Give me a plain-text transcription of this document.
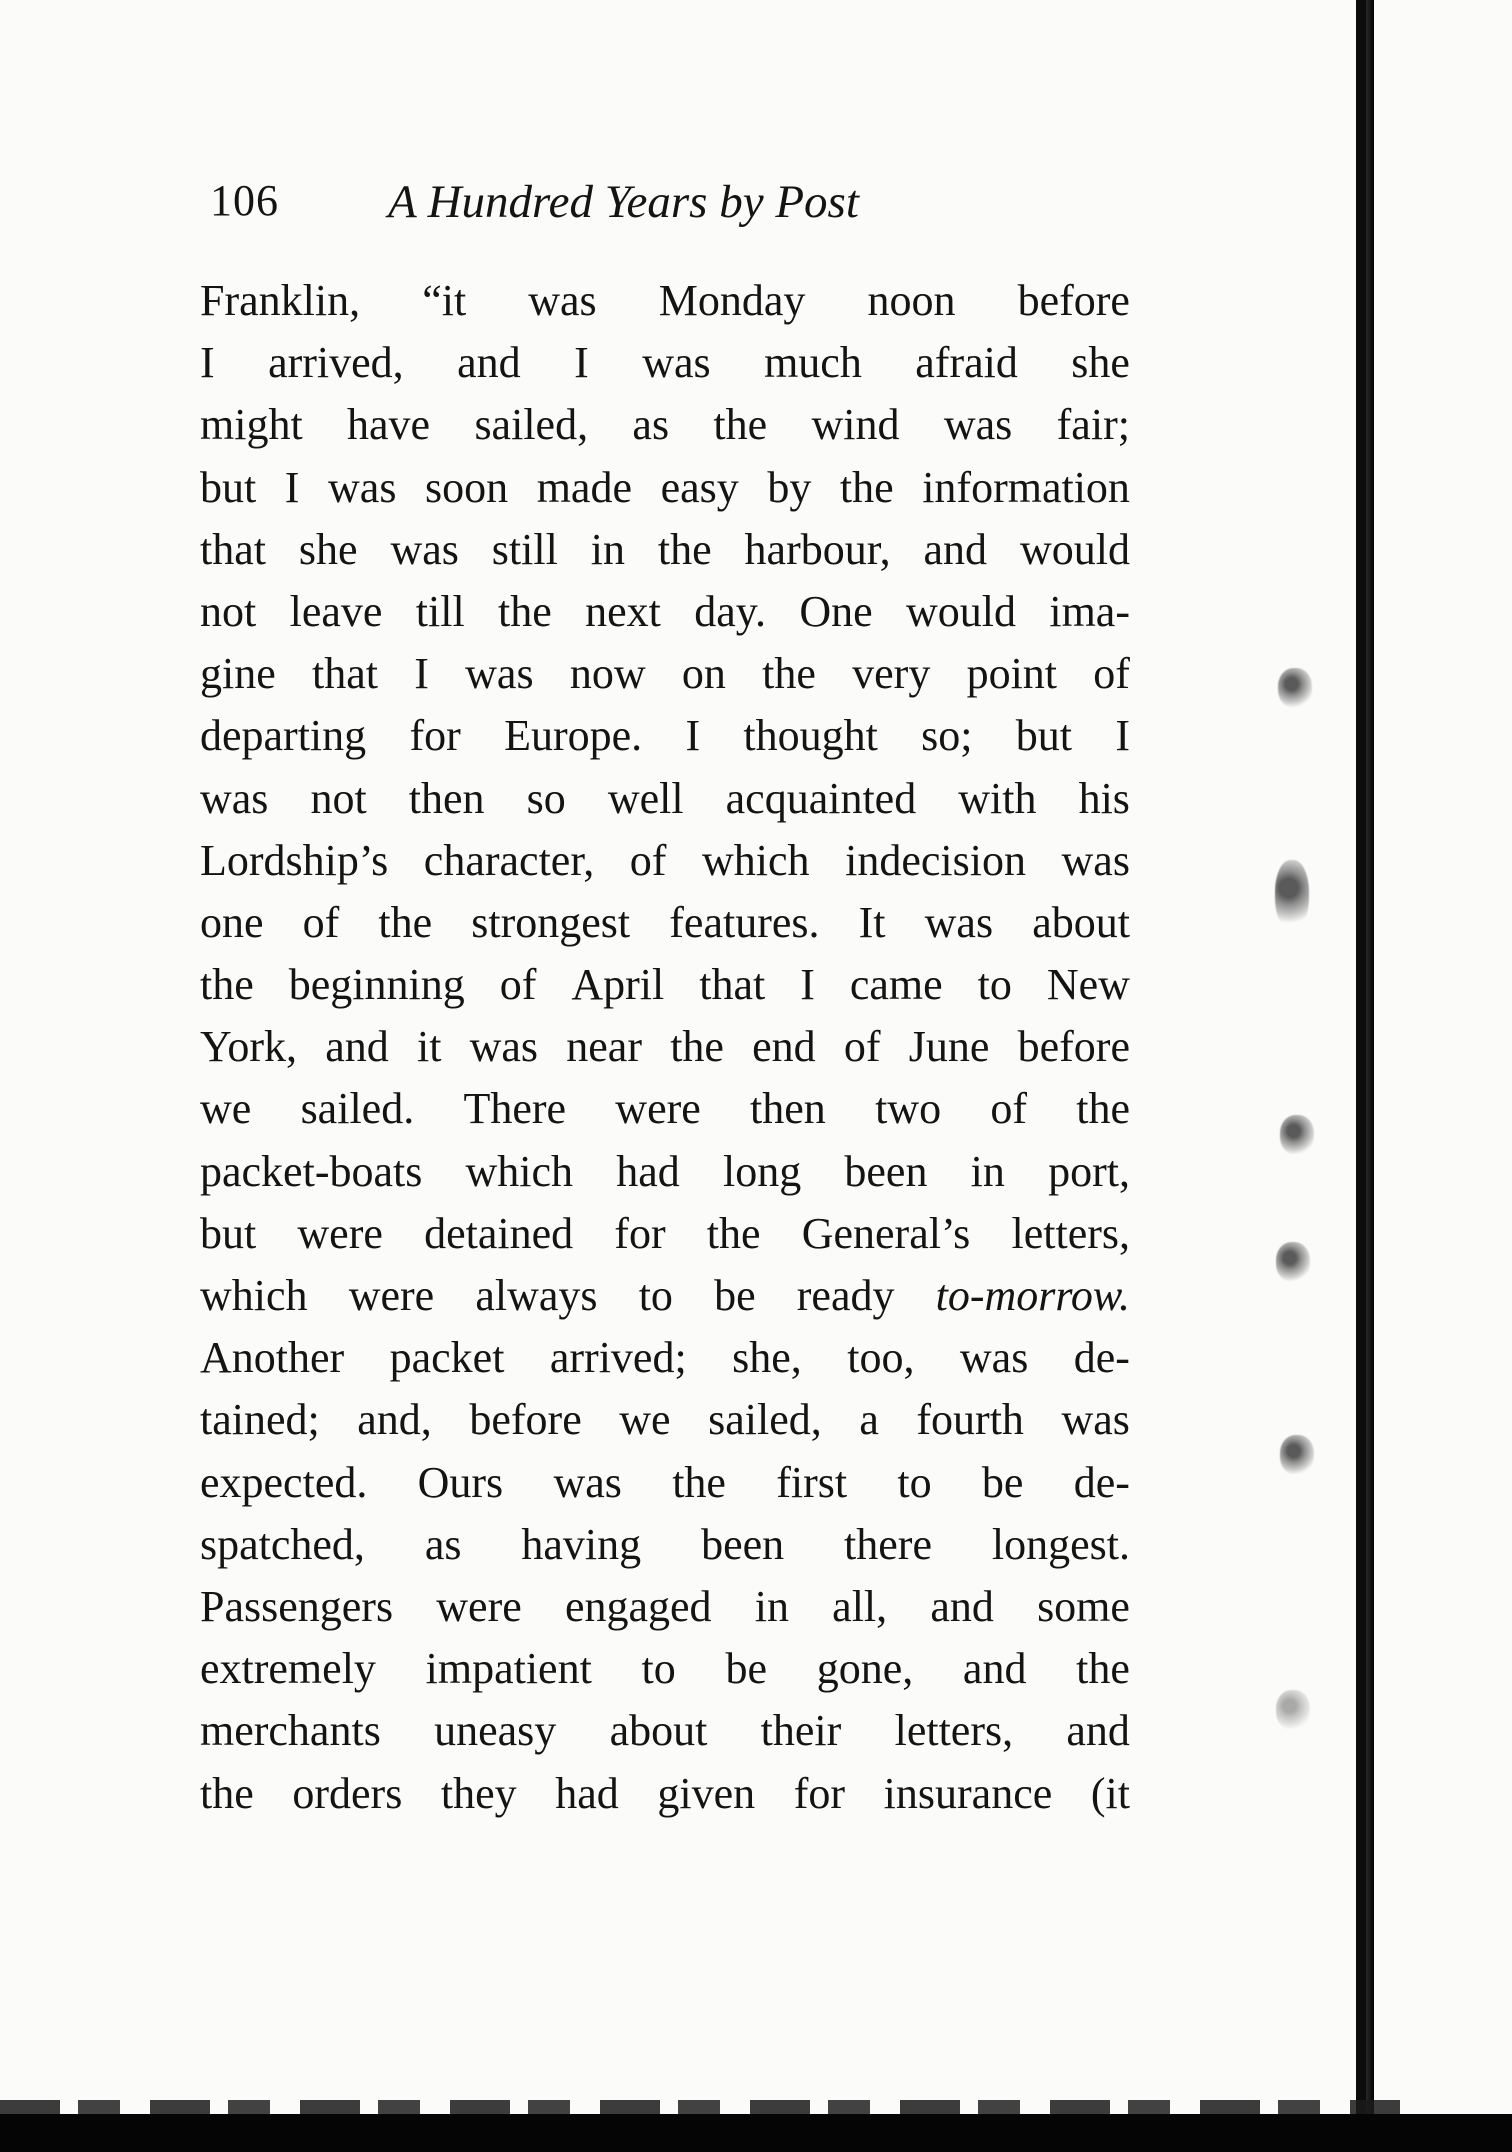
106 A Hundred Years by Post
Franklin, “it was Monday noon before
I arrived, and I was much afraid she
might have sailed, as the wind was fair;
but I was soon made easy by the information
that she was still in the harbour, and would
not leave till the next day. One would ima-
gine that I was now on the very point of
departing for Europe. I thought so; but I
was not then so well acquainted with his
Lordship’s character, of which indecision was
one of the strongest features. It was about
the beginning of April that I came to New
York, and it was near the end of June before
we sailed. There were then two of the
packet-boats which had long been in port,
but were detained for the General’s letters,
which were always to be ready to-morrow.
Another packet arrived; she, too, was de-
tained; and, before we sailed, a fourth was
expected. Ours was the first to be de-
spatched, as having been there longest.
Passengers were engaged in all, and some
extremely impatient to be gone, and the
merchants uneasy about their letters, and
the orders they had given for insurance (it
